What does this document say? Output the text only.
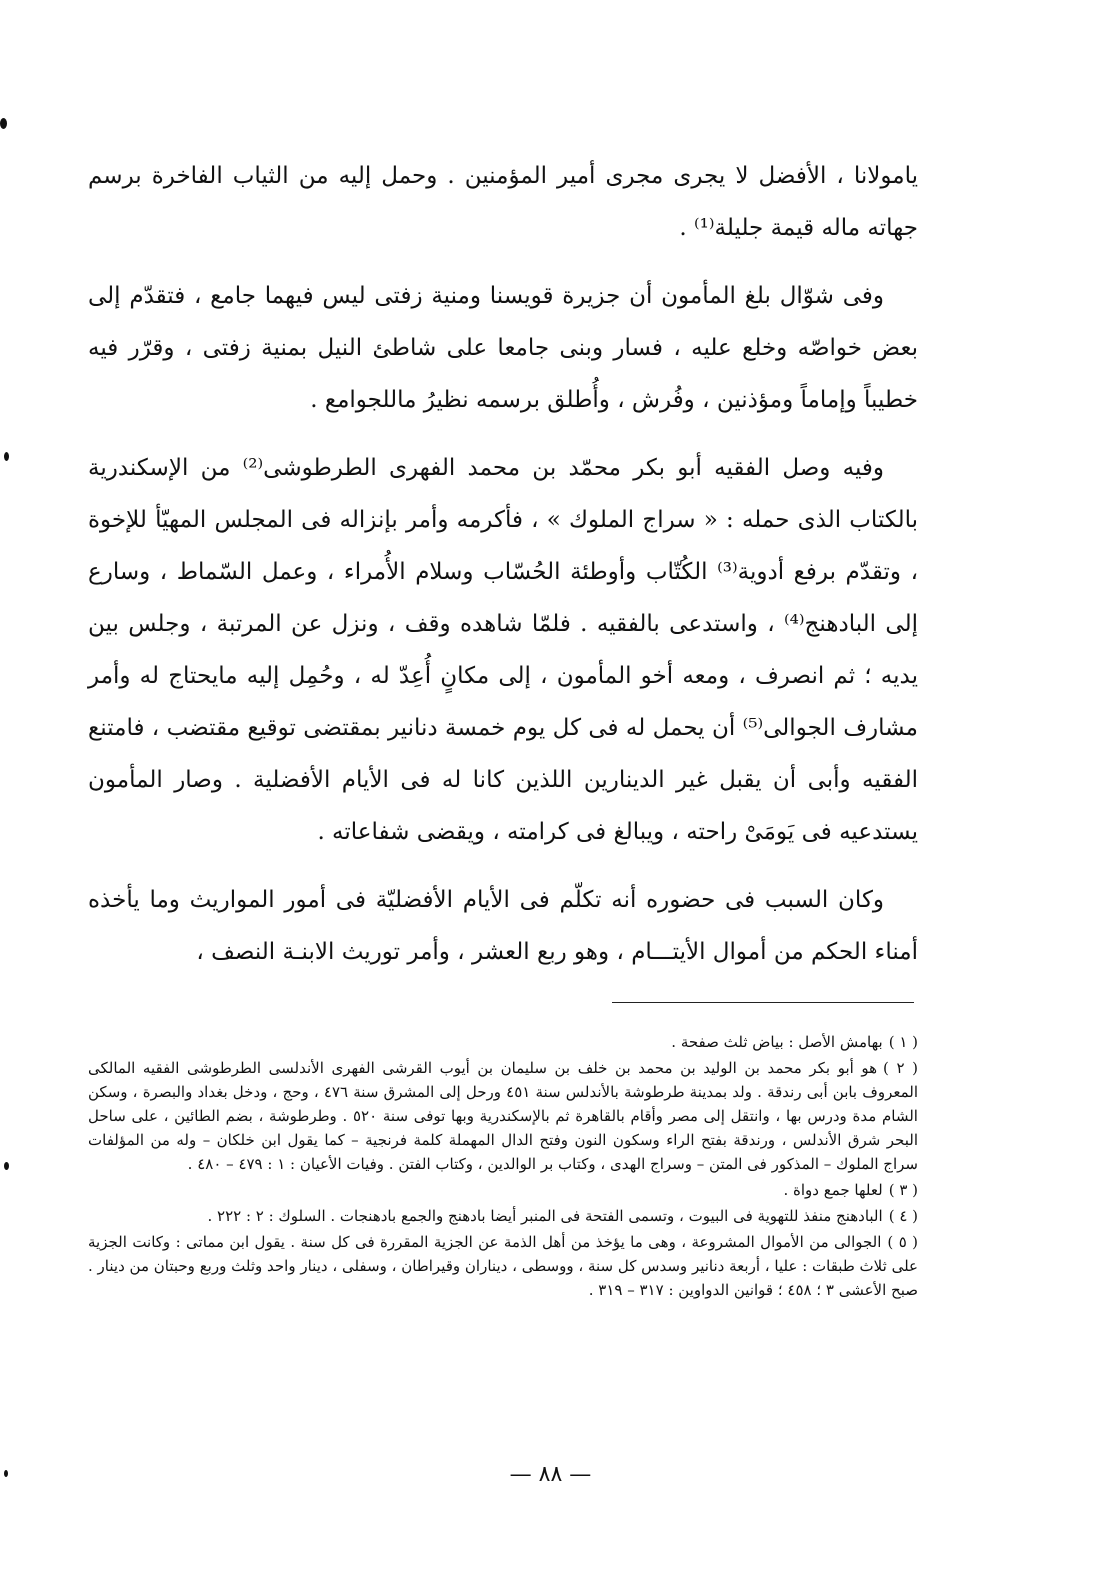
يامولانا ، الأفضل لا يجرى مجرى أمير المؤمنين . وحمل إليه من الثياب الفاخرة برسم جهاته ماله قيمة جليلة⁽¹⁾ .

وفى شوّال بلغ المأمون أن جزيرة قويسنا ومنية زفتى ليس فيهما جامع ، فتقدّم إلى بعض خواصّه وخلع عليه ، فسار وبنى جامعا على شاطئ النيل بمنية زفتى ، وقرّر فيه خطيباً وإماماً ومؤذنين ، وفُرش ، وأُطلق برسمه نظيرُ ماللجوامع .

وفيه وصل الفقيه أبو بكر محمّد بن محمد الفهرى الطرطوشى⁽²⁾ من الإسكندرية بالكتاب الذى حمله : « سراج الملوك » ، فأكرمه وأمر بإنزاله فى المجلس المهيّأ للإخوة ، وتقدّم برفع أدوية⁽³⁾ الكُتّاب وأوطئة الحُسّاب وسلام الأُمراء ، وعمل السّماط ، وسارع إلى البادهنج⁽⁴⁾ ، واستدعى بالفقيه . فلمّا شاهده وقف ، ونزل عن المرتبة ، وجلس بين يديه ؛ ثم انصرف ، ومعه أخو المأمون ، إلى مكانٍ أُعِدّ له ، وحُمِل إليه مايحتاج له وأمر مشارف الجوالى⁽⁵⁾ أن يحمل له فى كل يوم خمسة دنانير بمقتضى توقيع مقتضب ، فامتنع الفقيه وأبى أن يقبل غير الدينارين اللذين كانا له فى الأيام الأفضلية . وصار المأمون يستدعيه فى يَومَىْ راحته ، ويبالغ فى كرامته ، ويقضى شفاعاته .

وكان السبب فى حضوره أنه تكلّم فى الأيام الأفضليّة فى أمور المواريث وما يأخذه أمناء الحكم من أموال الأيتـــام ، وهو ربع العشر ، وأمر توريث الابنـة النصف ،

( ١ )بهامش الأصل : بياض ثلث صفحة .

( ٢ )هو أبو بكر محمد بن الوليد بن محمد بن خلف بن سليمان بن أيوب القرشى الفهرى الأندلسى الطرطوشى الفقيه المالكى المعروف بابن أبى رندقة . ولد بمدينة طرطوشة بالأندلس سنة ٤٥١ ورحل إلى المشرق سنة ٤٧٦ ، وحج ، ودخل بغداد والبصرة ، وسكن الشام مدة ودرس بها ، وانتقل إلى مصر وأقام بالقاهرة ثم بالإسكندرية وبها توفى سنة ٥٢٠ . وطرطوشة ، بضم الطائين ، على ساحل البحر شرق الأندلس ، ورندقة بفتح الراء وسكون النون وفتح الدال المهملة كلمة فرنجية – كما يقول ابن خلكان – وله من المؤلفات سراج الملوك – المذكور فى المتن – وسراج الهدى ، وكتاب بر الوالدين ، وكتاب الفتن . وفيات الأعيان : ١ : ٤٧٩ – ٤٨٠ .

( ٣ )لعلها جمع دواة .

( ٤ )البادهنج منفذ للتهوية فى البيوت ، وتسمى الفتحة فى المنبر أيضا بادهنج والجمع بادهنجات . السلوك : ٢ : ٢٢٢ .

( ٥ )الجوالى من الأموال المشروعة ، وهى ما يؤخذ من أهل الذمة عن الجزية المقررة فى كل سنة . يقول ابن مماتى : وكانت الجزية على ثلاث طبقات : عليا ، أربعة دنانير وسدس كل سنة ، ووسطى ، ديناران وقيراطان ، وسفلى ، دينار واحد وثلث وربع وحبتان من دينار . صبح الأعشى ٣ ؛ ٤٥٨ ؛ قوانين الدواوين : ٣١٧ – ٣١٩ .

— ٨٨ —
